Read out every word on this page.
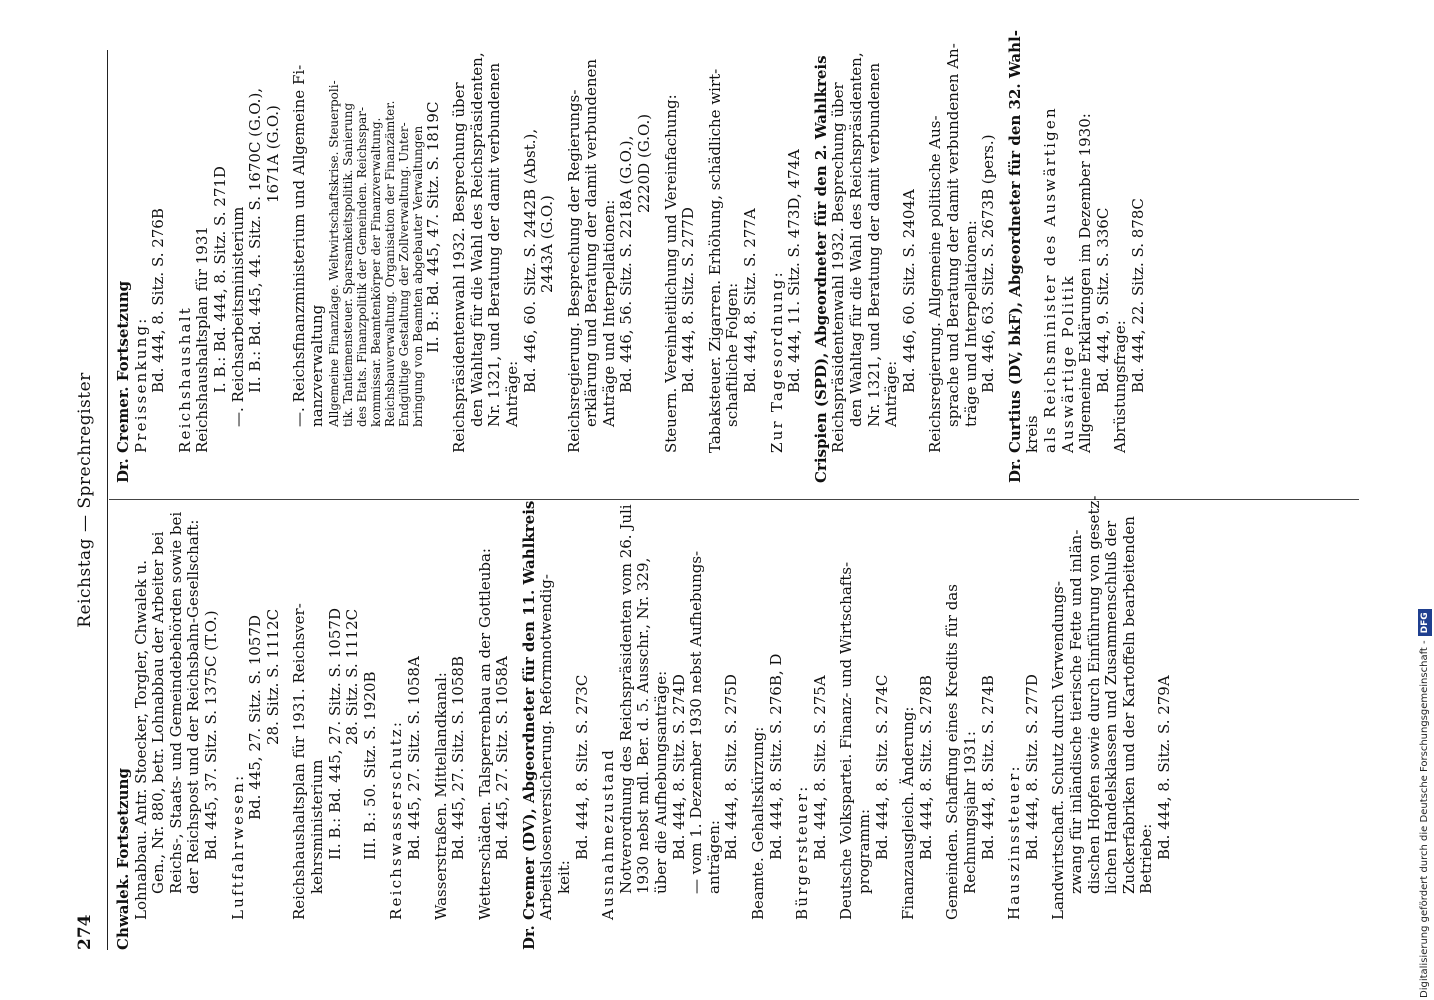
274
Reichstag — Sprechregister
Chwalek. Fortsetzung Lohnabbau. Antr. Stoecker, Torgler, Chwalek u. Gen., Nr. 880, betr. Lohnabbau der Arbeiter bei Reichs-, Staats- und Gemeindebehörden sowie bei der Reichspost und der Reichsbahn-Gesellschaft: Bd. 445, 37. Sitz. S. 1375C (T.O.) Luftfahrwesen:
Bd. 445, 27. Sitz. S. 1057D 28. Sitz. S. 1112C Reichshaushaltsplan für 1931. Reichsver- kehrsministerium II. B.: Bd. 445, 27. Sitz. S. 1057D 28. Sitz. S. 1112C III. B.: 50. Sitz. S. 1920B Reichswasserschutz: Bd. 445, 27. Sitz. S. 1058A Wasserstraßen. Mittellandkanal: Bd. 445, 27. Sitz. S. 1058B Wetterschäden. Talsperrenbau an der Gottleuba: Bd. 445, 27. Sitz. S. 1058A Dr. Cremer (DV), Abgeordneter für den 11. Wahlkreis Arbeitslosenversicherung. Reformnotwendig- keit:
Bd. 444, 8. Sitz. S. 273C Ausnahmezustand Notverordnung des Reichspräsidenten vom 26. Juli 1930 nebst mdl. Ber. d. 5. Ausschr., Nr. 329, über die Aufhebungsanträge: Bd. 444, 8. Sitz. S. 274D — vom 1. Dezember 1930 nebst Aufhebungs- anträgen: Bd. 444, 8. Sitz. S. 275D Beamte. Gehaltskürzung: Bd. 444, 8. Sitz. S. 276B, D Bürgersteuer: Bd. 444, 8. Sitz. S. 275A Deutsche Volkspartei. Finanz- und Wirtschafts- programm: Bd. 444, 8. Sitz. S. 274C Finanzausgleich. Änderung: Bd. 444, 8. Sitz. S. 278B Gemeinden. Schaffung eines Kredits für das Rechnungsjahr 1931: Bd. 444, 8. Sitz. S. 274B Hauszinssteuer: Bd. 444, 8. Sitz. S. 277D Landwirtschaft. Schutz durch Verwendungs- zwang für inländische tierische Fette und inlän- dischen Hopfen sowie durch Einführung von gesetz- lichen Handelsklassen und Zusammenschluß der Zuckerfabriken und der Kartoffeln bearbeitenden Betriebe: Bd. 444, 8. Sitz. S. 279A
Dr. Cremer. Fortsetzung Preissenkung: Bd. 444, 8. Sitz. S. 276B Reichshaushalt Reichshaushaltsplan für 1931 I. B.: Bd. 444, 8. Sitz. S. 271D —. Reichsarbeitsministerium II. B.: Bd. 445, 44. Sitz. S. 1670C (G.O.), 1671A (G.O.) —. Reichsfinanzministerium und Allgemeine Fi- nanzverwaltung Allgemeine Finanzlage. Weltwirtschaftskrise. Steuerpoli- tik. Tantiemensteuer. Sparsamkeitspolitik. Sanierung des Etats. Finanzpolitik der Gemeinden. Reichsspar- kommissar. Beamtenkörper der Finanzverwaltung. Reichsbauverwaltung. Organisation der Finanzämter. Endgültige Gestaltung der Zollverwaltung. Unter- bringung von Beamten abgebauter Verwaltungen II. B.: Bd. 445, 47. Sitz. S. 1819C Reichspräsidentenwahl 1932. Besprechung über den Wahltag für die Wahl des Reichspräsidenten, Nr. 1321, und Beratung der damit verbundenen Anträge:
Bd. 446, 60. Sitz. S. 2442B (Abst.), 2443A (G.O.) Reichsregierung. Besprechung der Regierungs- erklärung und Beratung der damit verbundenen Anträge und Interpellationen: Bd. 446, 56. Sitz. S. 2218A (G.O.), 2220D (G.O.) Steuern. Vereinheitlichung und Vereinfachung: Bd. 444, 8. Sitz. S. 277D Tabaksteuer. Zigarren. Erhöhung, schädliche wirt- schaftliche Folgen: Bd. 444, 8. Sitz. S. 277A Zur Tagesordnung: Bd. 444, 11. Sitz. S. 473D, 474A Crispien (SPD), Abgeordneter für den 2. Wahlkreis Reichspräsidentenwahl 1932. Besprechung über den Wahltag für die Wahl des Reichspräsidenten, Nr. 1321, und Beratung der damit verbundenen Anträge:
Bd. 446, 60. Sitz. S. 2404A Reichsregierung. Allgemeine politische Aus- sprache und Beratung der damit verbundenen An- träge und Interpellationen: Bd. 446, 63. Sitz. S. 2673B (pers.) Dr. Curtius (DV, bkF), Abgeordneter für den 32. Wahl- kreis als Reichsminister des Auswärtigen Auswärtige Politik Allgemeine Erklärungen im Dezember 1930: Bd. 444, 9. Sitz. S. 336C Abrüstungsfrage: Bd. 444, 22. Sitz. S. 878C
Digitalisierung gefördert durch die Deutsche Forschungsgemeinschaft -DFG
